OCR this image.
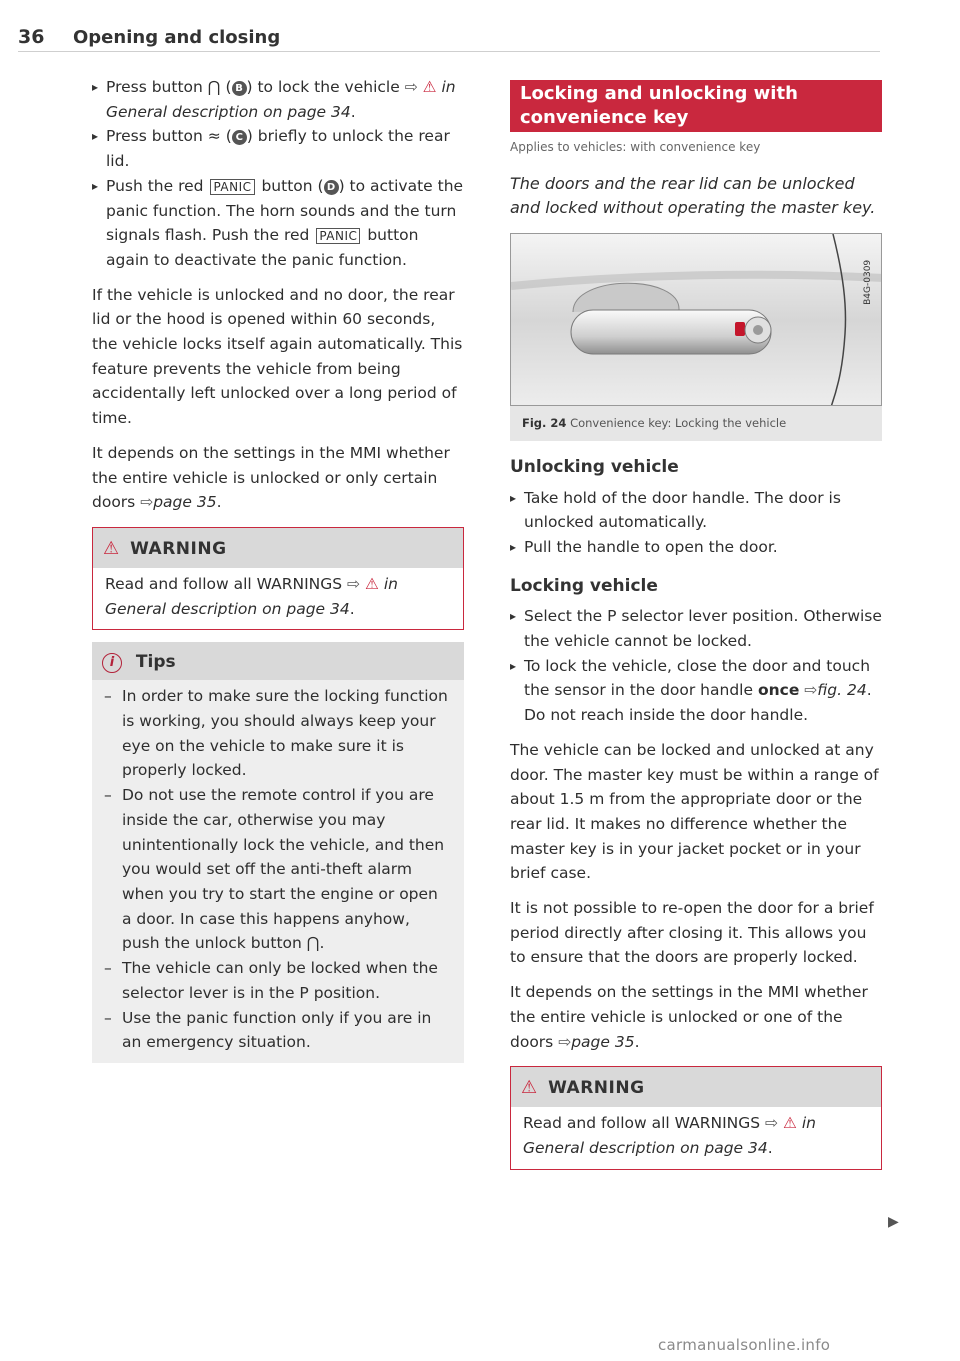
36 Opening and closing
▸ Press button ⋂ ( B ) to lock the vehicle ⇨ ⚠ in General description on page 34.
▸ Press button ≈ ( C ) briefly to unlock the rear lid.
▸ Push the red PANIC button ( D ) to activate the panic function. The horn sounds and the turn signals flash. Push the red PANIC button again to deactivate the panic function.

If the vehicle is unlocked and no door, the rear lid or the hood is opened within 60 seconds, the vehicle locks itself again automatically. This feature prevents the vehicle from being accidentally left unlocked over a long period of time.

It depends on the settings in the MMI whether the entire vehicle is unlocked or only certain doors ⇨page 35.

⚠ WARNING
Read and follow all WARNINGS ⇨ ⚠ in General description on page 34.
i Tips
– In order to make sure the locking function is working, you should always keep your eye on the vehicle to make sure it is properly locked.
– Do not use the remote control if you are inside the car, otherwise you may unintentionally lock the vehicle, and then you would set off the anti-theft alarm when you try to start the engine or open a door. In case this happens anyhow, push the unlock button ⋂.
– The vehicle can only be locked when the selector lever is in the P position.
– Use the panic function only if you are in an emergency situation.
Locking and unlocking with convenience key
Applies to vehicles: with convenience key

The doors and the rear lid can be unlocked and locked without operating the master key.

B4G-0309
Fig. 24 Convenience key: Locking the vehicle
Unlocking vehicle
▸ Take hold of the door handle. The door is unlocked automatically.
▸ Pull the handle to open the door.
Locking vehicle
▸ Select the P selector lever position. Otherwise the vehicle cannot be locked.
▸ To lock the vehicle, close the door and touch the sensor in the door handle once ⇨fig. 24. Do not reach inside the door handle.

The vehicle can be locked and unlocked at any door. The master key must be within a range of about 1.5 m from the appropriate door or the rear lid. It makes no difference whether the master key is in your jacket pocket or in your brief case.

It is not possible to re-open the door for a brief period directly after closing it. This allows you to ensure that the doors are properly locked.

It depends on the settings in the MMI whether the entire vehicle is unlocked or one of the doors ⇨page 35.

⚠ WARNING
Read and follow all WARNINGS ⇨ ⚠ in General description on page 34.
▶
carmanualsonline.info
